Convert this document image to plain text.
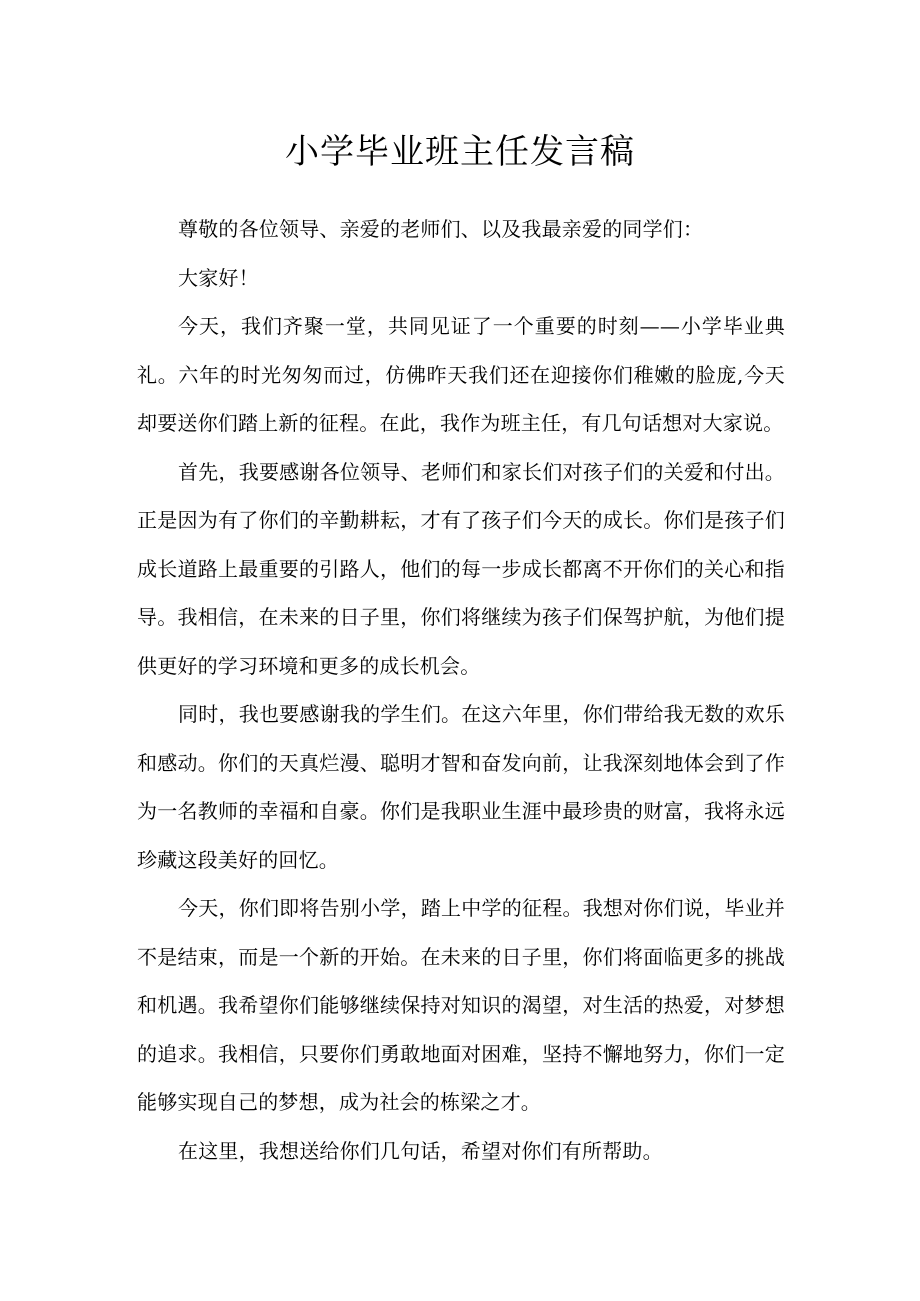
小学毕业班主任发言稿

尊敬的各位领导、亲爱的老师们、以及我最亲爱的同学们：

大家好！

今天，我们齐聚一堂，共同见证了一个重要的时刻——小学毕业典礼。六年的时光匆匆而过，仿佛昨天我们还在迎接你们稚嫩的脸庞,今天却要送你们踏上新的征程。在此，我作为班主任，有几句话想对大家说。

首先，我要感谢各位领导、老师们和家长们对孩子们的关爱和付出。正是因为有了你们的辛勤耕耘，才有了孩子们今天的成长。你们是孩子们成长道路上最重要的引路人，他们的每一步成长都离不开你们的关心和指导。我相信，在未来的日子里，你们将继续为孩子们保驾护航，为他们提供更好的学习环境和更多的成长机会。

同时，我也要感谢我的学生们。在这六年里，你们带给我无数的欢乐和感动。你们的天真烂漫、聪明才智和奋发向前，让我深刻地体会到了作为一名教师的幸福和自豪。你们是我职业生涯中最珍贵的财富，我将永远珍藏这段美好的回忆。

今天，你们即将告别小学，踏上中学的征程。我想对你们说，毕业并不是结束，而是一个新的开始。在未来的日子里，你们将面临更多的挑战和机遇。我希望你们能够继续保持对知识的渴望，对生活的热爱，对梦想的追求。我相信，只要你们勇敢地面对困难，坚持不懈地努力，你们一定能够实现自己的梦想，成为社会的栋梁之才。

在这里，我想送给你们几句话，希望对你们有所帮助。
